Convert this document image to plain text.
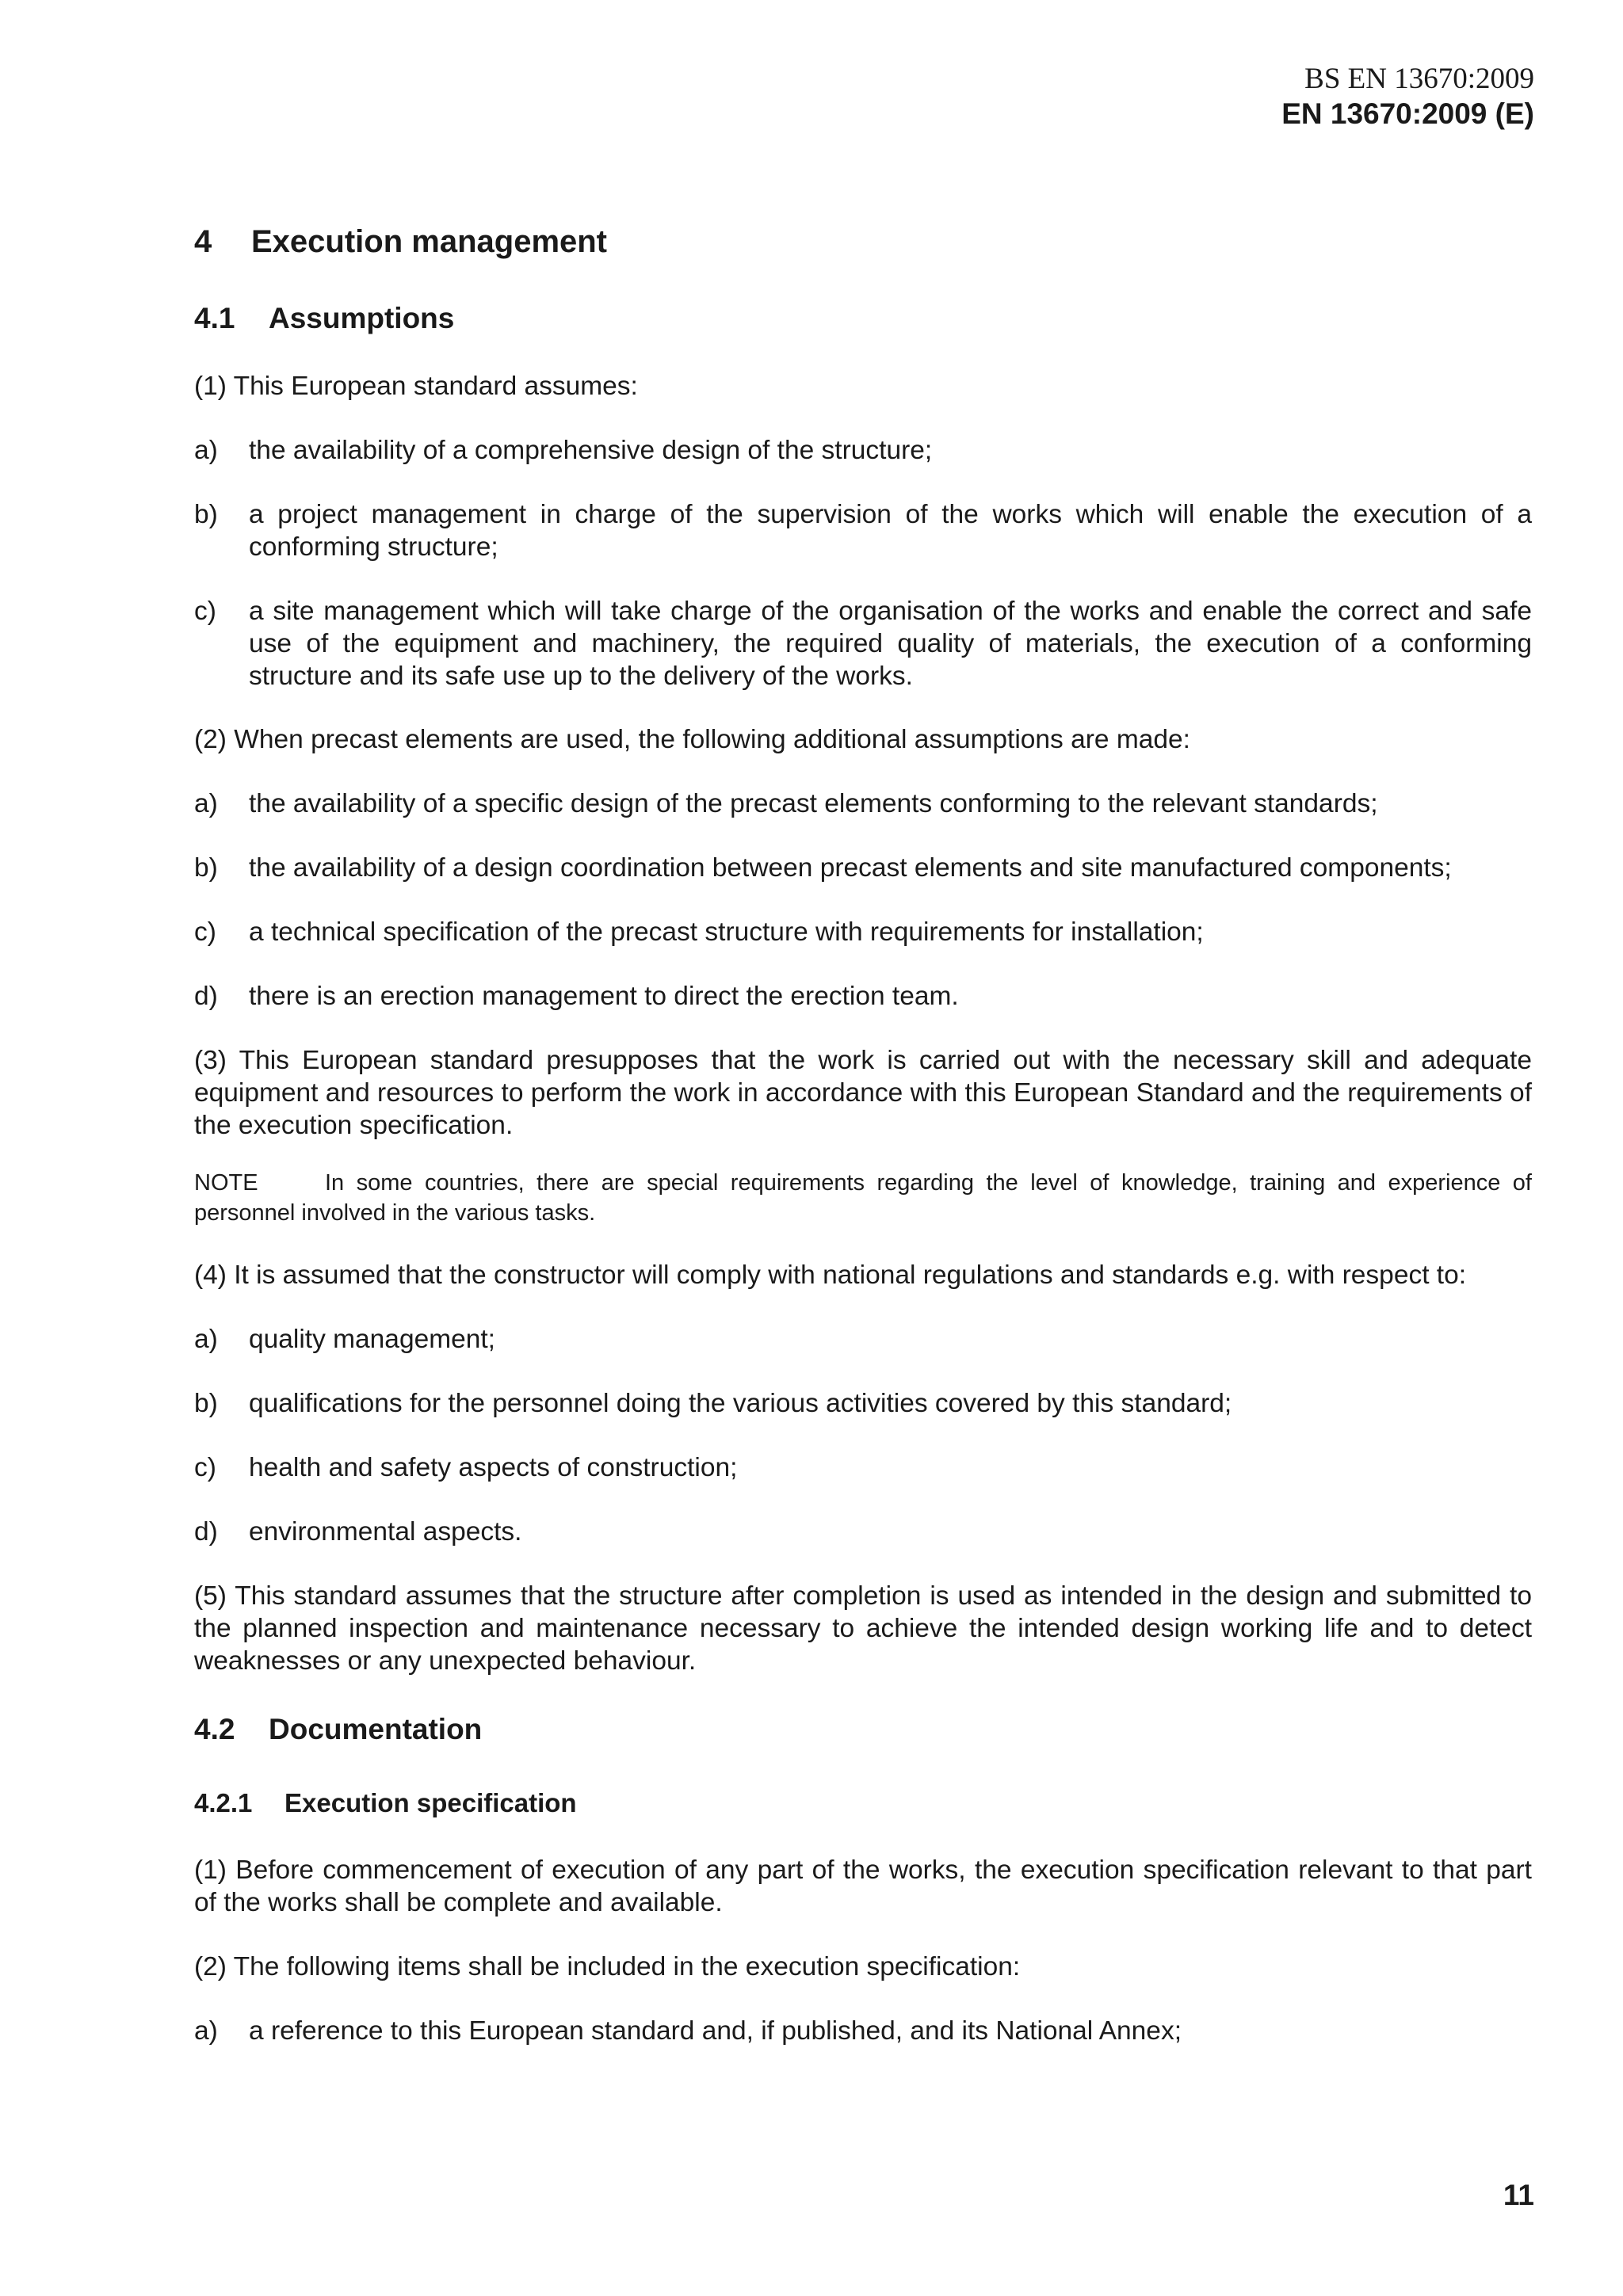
BS EN 13670:2009
EN 13670:2009 (E)
4 Execution management
4.1 Assumptions
(1) This European standard assumes:
a) the availability of a comprehensive design of the structure;
b) a project management in charge of the supervision of the works which will enable the execution of a conforming structure;
c) a site management which will take charge of the organisation of the works and enable the correct and safe use of the equipment and machinery, the required quality of materials, the execution of a conforming structure and its safe use up to the delivery of the works.
(2) When precast elements are used, the following additional assumptions are made:
a) the availability of a specific design of the precast elements conforming to the relevant standards;
b) the availability of a design coordination between precast elements and site manufactured components;
c) a technical specification of the precast structure with requirements for installation;
d) there is an erection management to direct the erection team.
(3) This European standard presupposes that the work is carried out with the necessary skill and adequate equipment and resources to perform the work in accordance with this European Standard and the requirements of the execution specification.
NOTE	In some countries, there are special requirements regarding the level of knowledge, training and experience of personnel involved in the various tasks.
(4) It is assumed that the constructor will comply with national regulations and standards e.g. with respect to:
a) quality management;
b) qualifications for the personnel doing the various activities covered by this standard;
c) health and safety aspects of construction;
d) environmental aspects.
(5) This standard assumes that the structure after completion is used as intended in the design and submitted to the planned inspection and maintenance necessary to achieve the intended design working life and to detect weaknesses or any unexpected behaviour.
4.2 Documentation
4.2.1 Execution specification
(1) Before commencement of execution of any part of the works, the execution specification relevant to that part of the works shall be complete and available.
(2) The following items shall be included in the execution specification:
a) a reference to this European standard and, if published, and its National Annex;
11
